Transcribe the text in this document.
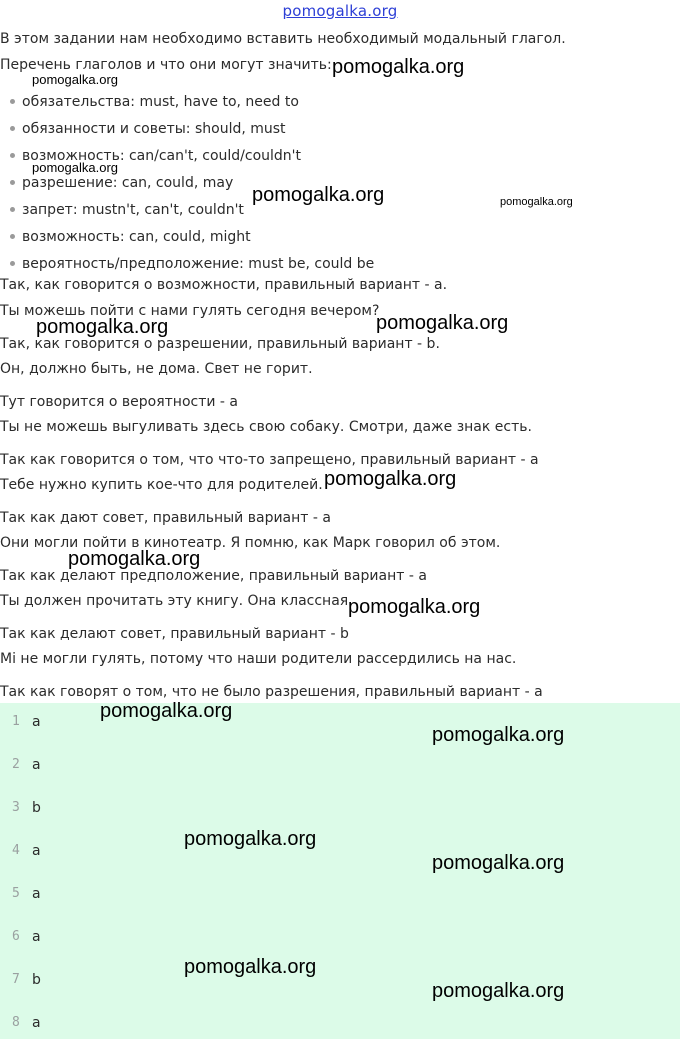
pomogalka.org
В этом задании нам необходимо вставить необходимый модальный глагол.
Перечень глаголов и что они могут значить:
обязательства: must, have to, need to
обязанности и советы: should, must
возможность: can/can't, could/couldn't
разрешение: can, could, may
запрет: mustn't, can't, couldn't
возможность: can, could, might
вероятность/предположение: must be, could be
Так, как говорится о возможности, правильный вариант - a.
Ты можешь пойти с нами гулять сегодня вечером?
Так, как говорится о разрешении, правильный вариант - b.
Он, должно быть, не дома. Свет не горит.
Тут говорится о вероятности - a
Ты не можешь выгуливать здесь свою собаку. Смотри, даже знак есть.
Так как говорится о том, что что-то запрещено, правильный вариант - a
Тебе нужно купить кое-что для родителей.
Так как дают совет, правильный вариант - a
Они могли пойти в кинотеатр. Я помню, как Марк говорил об этом.
Так как делают предположение, правильный вариант - a
Ты должен прочитать эту книгу. Она классная.
Так как делают совет, правильный вариант - b
Мi не могли гулять, потому что наши родители рассердились на нас.
Так как говорят о том, что не было разрешения, правильный вариант - a
1 a
2 a
3 b
4 a
5 a
6 a
7 b
8 a
pomogalka.org
pomogalka.org
pomogalka.org
pomogalka.org	pomogalka.org
pomogalka.org	pomogalka.org
pomogalka.org
pomogalka.org
pomogalka.org
pomogalka.org
pomogalka.org
pomogalka.org
pomogalka.org
pomogalka.org
pomogalka.org
